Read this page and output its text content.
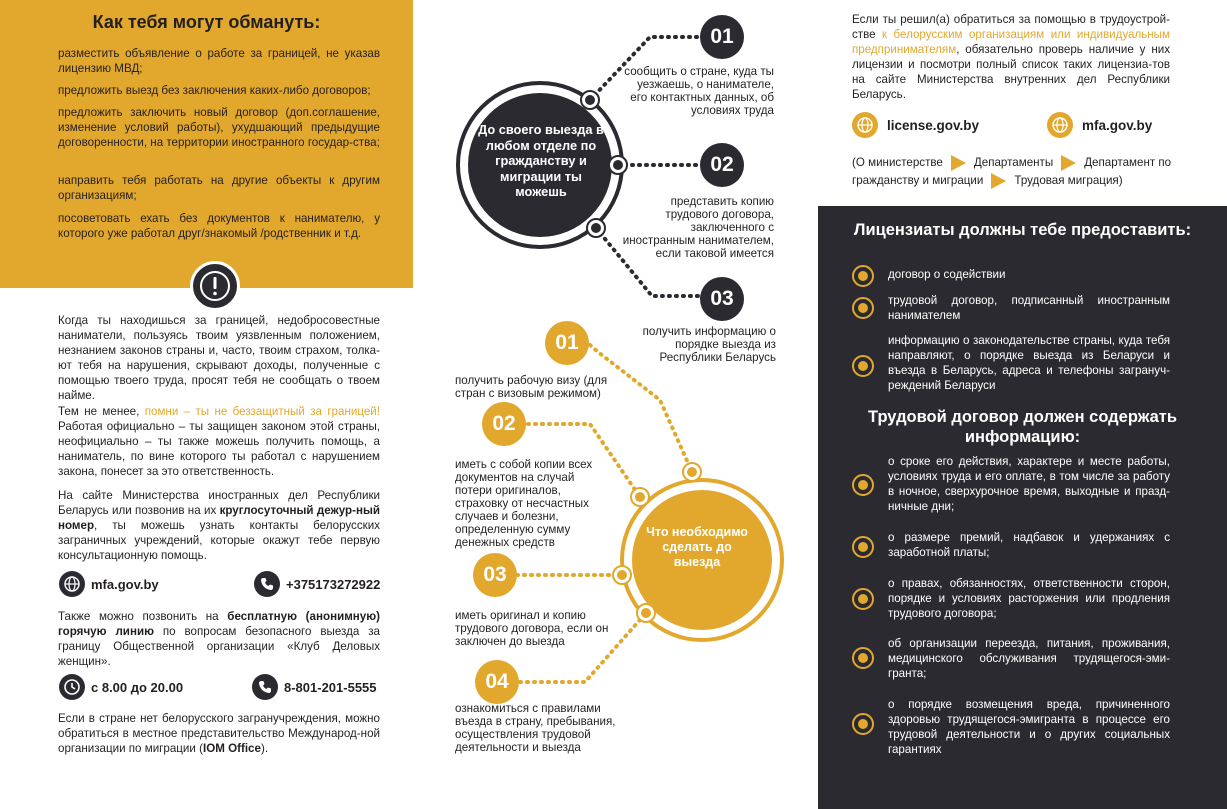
Как тебя могут обмануть:
разместить объявление о работе за границей, не указав лицензию МВД;
предложить выезд без заключения каких-либо договоров;
предложить заключить новый договор (доп.соглашение, изменение условий работы), ухудшающий предыдущие договоренности, на территории иностранного государ-ства;
направить тебя работать на другие объекты к другим организациям;
посоветовать ехать без документов к нанимателю, у которого уже работал друг/знакомый /родственник и т.д.
Когда ты находишься за границей, недобросовестные наниматели, пользуясь твоим уязвленным положением, незнанием законов страны и, часто, твоим страхом, толка-ют тебя на нарушения, скрывают доходы, полученные с помощью твоего труда, просят тебя не сообщать о твоем найме.
Тем не менее, помни – ты не беззащитный за границей! Работая официально – ты защищен законом этой страны, неофициально – ты также можешь получить помощь, а наниматель, по вине которого ты работал с нарушением закона, понесет за это ответственность.
На сайте Министерства иностранных дел Республики Беларусь или позвонив на их круглосуточный дежур-ный номер, ты можешь узнать контакты белорусских заграничных учреждений, которые окажут тебе первую консультационную помощь.
mfa.gov.by	+375173272922
Также можно позвонить на бесплатную (анонимную) горячую линию по вопросам безопасного выезда за границу Общественной организации «Клуб Деловых женщин».
с 8.00 до 20.00	8-801-201-5555
Если в стране нет белорусского загранучреждения, можно обратиться в местное представительство Международ-ной организации по миграции (IOM Office).
До своего выезда в любом отделе по гражданству и миграции ты можешь
Что необходимо сделать до выезда
01
сообщить о стране, куда ты уезжаешь, о нанимателе, его контактных данных, об условиях труда
02
представить копию трудового договора, заключенного с иностранным нанимателем, если таковой имеется
03
получить информацию о порядке выезда из Республики Беларусь
01
получить рабочую визу (для стран с визовым режимом)
02
иметь с собой копии всех документов на случай потери оригиналов, страховку от несчастных случаев и болезни, определенную сумму денежных средств
03
иметь оригинал и копию трудового договора, если он заключен до выезда
04
ознакомиться с правилами въезда в страну, пребывания, осуществления трудовой деятельности и выезда
Если ты решил(а) обратиться за помощью в трудоустрой-стве к белорусским организациям или индивидуальным предпринимателям, обязательно проверь наличие у них лицензии и посмотри полный список таких лицензиа-тов на сайте Министерства внутренних дел Республики Беларусь.
license.gov.by	mfa.gov.by
(О министерстве	Департаменты	Департамент по гражданству и миграции	Трудовая миграция)
Лицензиаты должны тебе предоставить:
договор о содействии
трудовой договор, подписанный иностранным нанимателем
информацию о законодательстве страны, куда тебя направляют, о порядке выезда из Беларуси и въезда в Беларусь, адреса и телефоны загрануч-реждений Беларуси
Трудовой договор должен содержать информацию:
о сроке его действия, характере и месте работы, условиях труда и его оплате, в том числе за работу в ночное, сверхурочное время, выходные и празд-ничные дни;
о размере премий, надбавок и удержаниях с заработной платы;
о правах, обязанностях, ответственности сторон, порядке и условиях расторжения или продления трудового договора;
об организации переезда, питания, проживания, медицинского обслуживания трудящегося-эми-гранта;
о порядке возмещения вреда, причиненного здоровью трудящегося-эмигранта в процессе его трудовой деятельности и о других социальных гарантиях
